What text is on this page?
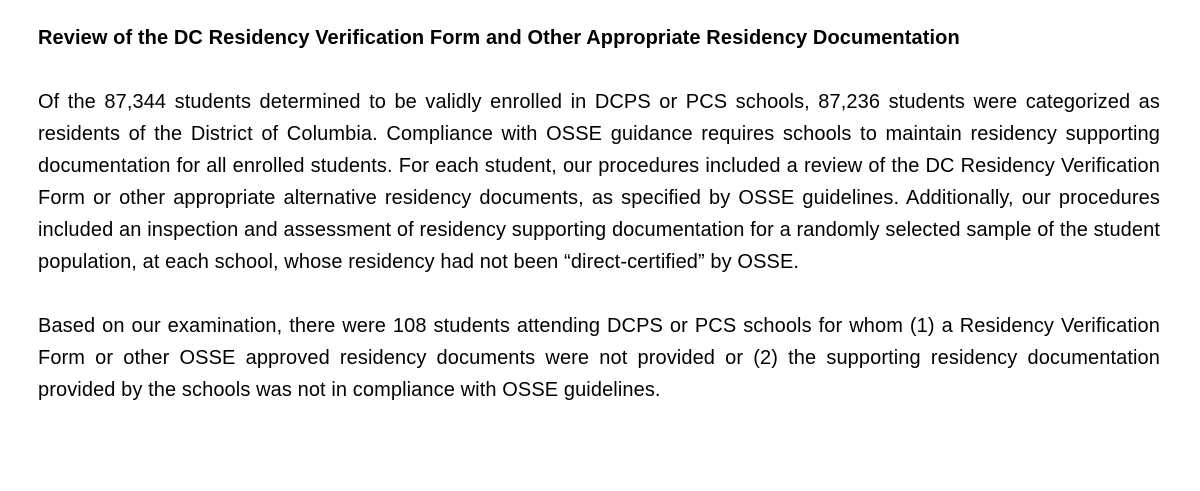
Review of the DC Residency Verification Form and Other Appropriate Residency Documentation

Of the 87,344 students determined to be validly enrolled in DCPS or PCS schools, 87,236 students were categorized as residents of the District of Columbia. Compliance with OSSE guidance requires schools to maintain residency supporting documentation for all enrolled students. For each student, our procedures included a review of the DC Residency Verification Form or other appropriate alternative residency documents, as specified by OSSE guidelines. Additionally, our procedures included an inspection and assessment of residency supporting documentation for a randomly selected sample of the student population, at each school, whose residency had not been “direct-certified” by OSSE.

Based on our examination, there were 108 students attending DCPS or PCS schools for whom (1) a Residency Verification Form or other OSSE approved residency documents were not provided or (2) the supporting residency documentation provided by the schools was not in compliance with OSSE guidelines.
